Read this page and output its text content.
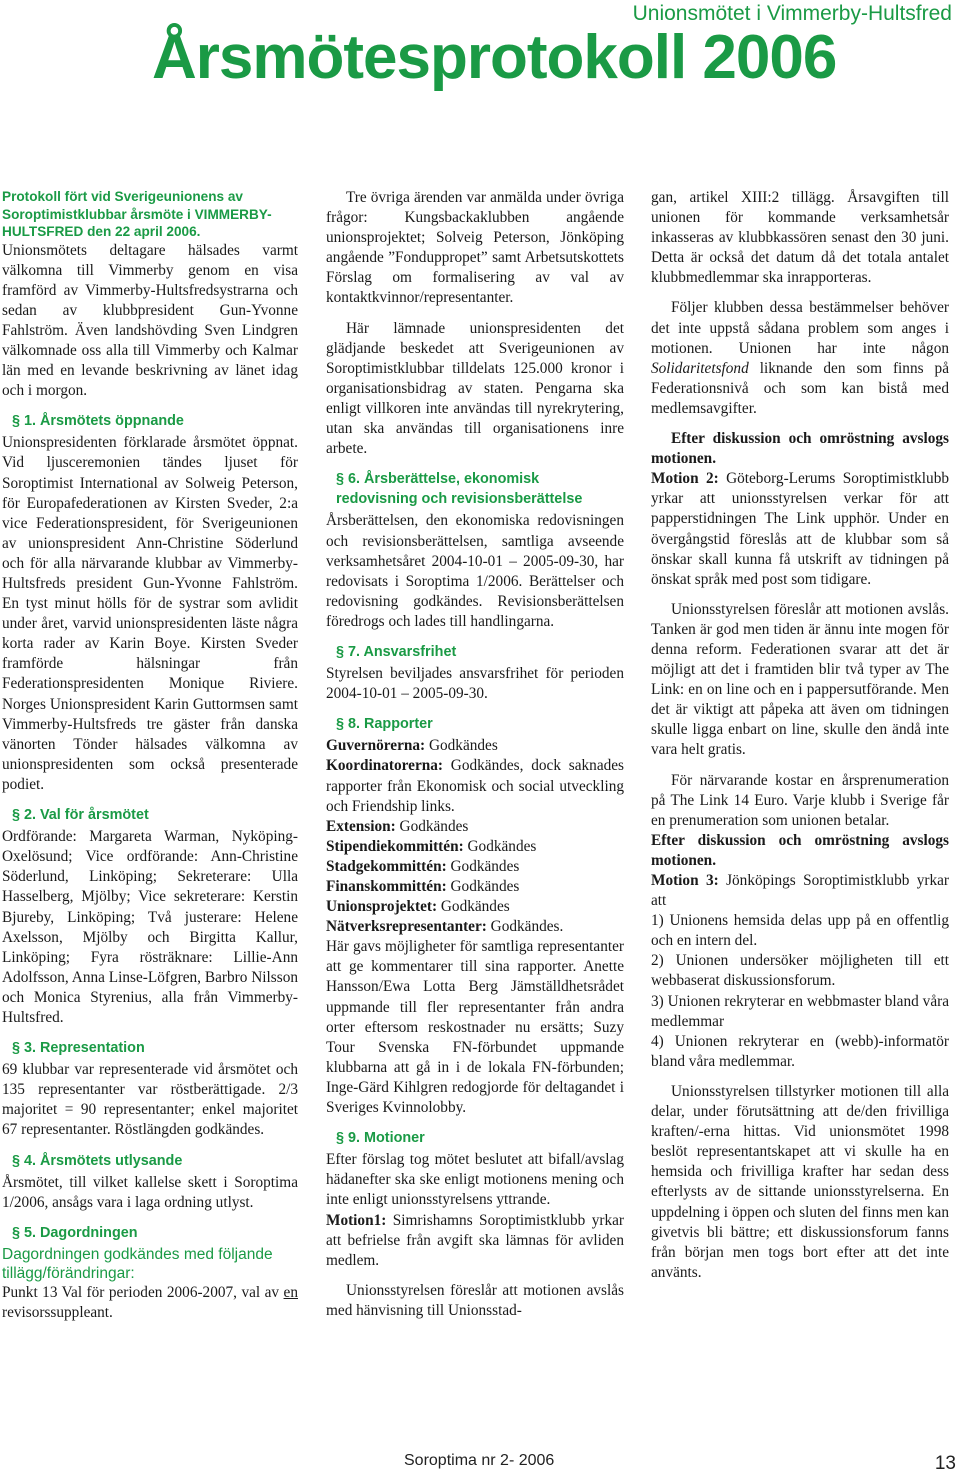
Unionsmötet i Vimmerby-Hultsfred
Årsmötesprotokoll 2006

Protokoll fört vid Sverigeunionens av Soroptimistklubbar årsmöte i VIMMERBY-HULTSFRED den 22 april 2006.

Unionsmötets deltagare hälsades varmt välkomna till Vimmerby genom en visa framförd av Vimmerby-Hultsfredsystrarna och sedan av klubbpresident Gun-Yvonne Fahlström. Även landshövding Sven Lindgren välkomnade oss alla till Vimmerby och Kalmar län med en levande beskrivning av länet idag och i morgon.

§ 1. Årsmötets öppnande

Unionspresidenten förklarade årsmötet öppnat. Vid ljusceremonien tändes ljuset för Soroptimist International av Solweig Peterson, för Europafederationen av Kirsten Sveder, 2:a vice Federationspresident, för Sverigeunionen av unionspresident Ann-Christine Söderlund och för alla närvarande klubbar av Vimmerby-Hultsfreds president Gun-Yvonne Fahlström. En tyst minut hölls för de systrar som avlidit under året, varvid unionspresidenten läste några korta rader av Karin Boye. Kirsten Sveder framförde hälsningar från Federationspresidenten Monique Riviere. Norges Unionspresident Karin Guttormsen samt Vimmerby-Hultsfreds tre gäster från danska vänorten Tönder hälsades välkomna av unionspresidenten som också presenterade podiet.

§ 2. Val för årsmötet

Ordförande: Margareta Warman, Nyköping-Oxelösund; Vice ordförande: Ann-Christine Söderlund, Linköping; Sekreterare: Ulla Hasselberg, Mjölby; Vice sekreterare: Kerstin Bjureby, Linköping; Två justerare: Helene Axelsson, Mjölby och Birgitta Kallur, Linköping; Fyra rösträknare: Lillie-Ann Adolfsson, Anna Linse-Löfgren, Barbro Nilsson och Monica Styrenius, alla från Vimmerby-Hultsfred.

§ 3. Representation

69 klubbar var representerade vid årsmötet och 135 representanter var röstberättigade. 2/3 majoritet = 90 representanter; enkel majoritet 67 representanter. Röstlängden godkändes.

§ 4. Årsmötets utlysande

Årsmötet, till vilket kallelse skett i Soroptima 1/2006, ansågs vara i laga ordning utlyst.

§ 5. Dagordningen

Dagordningen godkändes med följande tillägg/förändringar:

Punkt 13 Val för perioden 2006-2007, val av en revisorssuppleant.

Tre övriga ärenden var anmälda under övriga frågor: Kungsbackaklubben angående unionsprojektet; Solveig Peterson, Jönköping angående ”Fonduppropet” samt Arbetsutskottets Förslag om formalisering av val av kontaktkvinnor/representanter.

Här lämnade unionspresidenten det glädjande beskedet att Sverigeunionen av Soroptimistklubbar tilldelats 125.000 kronor i organisationsbidrag av staten. Pengarna ska enligt villkoren inte användas till nyrekrytering, utan ska användas till organisationens inre arbete.

§ 6. Årsberättelse, ekonomisk redovisning och revisionsberättelse

Årsberättelsen, den ekonomiska redovisningen och revisionsberättelsen, samtliga avseende verksamhetsåret 2004-10-01 – 2005-09-30, har redovisats i Soroptima 1/2006. Berättelser och redovisning godkändes. Revisionsberättelsen föredrogs och lades till handlingarna.

§ 7. Ansvarsfrihet

Styrelsen beviljades ansvarsfrihet för perioden 2004-10-01 – 2005-09-30.

§ 8. Rapporter

Guvernörerna: Godkändes

Koordinatorerna: Godkändes, dock saknades rapporter från Ekonomisk och social utveckling och Friendship links.

Extension: Godkändes

Stipendiekommittén: Godkändes

Stadgekommittén: Godkändes

Finanskommittén: Godkändes

Unionsprojektet: Godkändes

Nätverksrepresentanter: Godkändes.

Här gavs möjligheter för samtliga representanter att ge kommentarer till sina rapporter. Anette Hansson/Ewa Lotta Berg Jämställdhetsrådet uppmande till fler representanter från andra orter eftersom reskostnader nu ersätts; Suzy Tour Svenska FN-förbundet uppmande klubbarna att gå in i de lokala FN-förbunden; Inge-Gärd Kihlgren redogjorde för deltagandet i Sveriges Kvinnolobby.

§ 9. Motioner

Efter förslag tog mötet beslutet att bifall/avslag hädanefter ska ske enligt motionens mening och inte enligt unionsstyrelsens yttrande.

Motion1: Simrishamns Soroptimistklubb yrkar att befrielse från avgift ska lämnas för avliden medlem.

Unionsstyrelsen föreslår att motionen avslås med hänvisning till Unionsstad-

gan, artikel XIII:2 tillägg. Årsavgiften till unionen för kommande verksamhetsår inkasseras av klubbkassören senast den 30 juni. Detta är också det datum då det totala antalet klubbmedlemmar ska inrapporteras.

Följer klubben dessa bestämmelser behöver det inte uppstå sådana problem som anges i motionen. Unionen har inte någon Solidaritetsfond liknande den som finns på Federationsnivå och som kan bistå med medlemsavgifter.

Efter diskussion och omröstning avslogs motionen.

Motion 2: Göteborg-Lerums Soroptimistklubb yrkar att unionsstyrelsen verkar för att papperstidningen The Link upphör. Under en övergångstid föreslås att de klubbar som så önskar skall kunna få utskrift av tidningen på önskat språk med post som tidigare.

Unionsstyrelsen föreslår att motionen avslås. Tanken är god men tiden är ännu inte mogen för denna reform. Federationen svarar att det är möjligt att det i framtiden blir två typer av The Link: en on line och en i pappersutförande. Men det är viktigt att påpeka att även om tidningen skulle ligga enbart on line, skulle den ändå inte vara helt gratis.

För närvarande kostar en årsprenumeration på The Link 14 Euro. Varje klubb i Sverige får en prenumeration som unionen betalar.

Efter diskussion och omröstning avslogs motionen.

Motion 3: Jönköpings Soroptimistklubb yrkar att

1) Unionens hemsida delas upp på en offentlig och en intern del.

2) Unionen undersöker möjligheten till ett webbaserat diskussionsforum.

3) Unionen rekryterar en webbmaster bland våra medlemmar

4) Unionen rekryterar en (webb)-informatör bland våra medlemmar.

Unionsstyrelsen tillstyrker motionen till alla delar, under förutsättning att de/den frivilliga kraften/-erna hittas. Vid unionsmötet 1998 beslöt representantskapet att vi skulle ha en hemsida och frivilliga krafter har sedan dess efterlysts av de sittande unionsstyrelserna. En uppdelning i öppen och sluten del finns men kan givetvis bli bättre; ett diskussionsforum fanns från början men togs bort efter att det inte använts.

Soroptima nr 2- 2006	13
